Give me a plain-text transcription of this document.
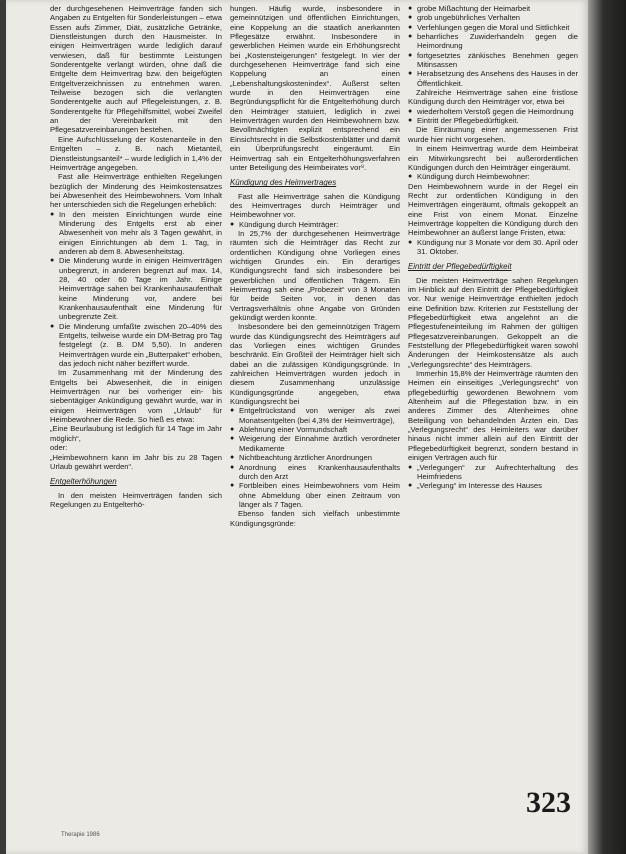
der durchgesehenen Heimverträge fanden sich Angaben zu Entgelten für Sonderleistungen – etwa Essen aufs Zimmer, Diät, zusätzliche Getränke, Dienstleistungen durch den Hausmeister. In einigen Heimverträgen wurde lediglich darauf verwiesen, daß für bestimmte Leistungen Sonderentgelte verlangt würden, ohne daß die Entgelte dem Heimvertrag bzw. den beigefügten Entgeltverzeichnissen zu entnehmen waren. Teilweise bezogen sich die verlangten Sonderentgelte auch auf Pflegeleistungen, z. B. Sonderentgelte für Pflegehilfsmittel, wobei Zweifel an der Vereinbarkeit mit den Pflegesatzvereinbarungen bestehen.

Eine Aufschlüsselung der Kostenanteile in den Entgelten – z. B. nach Mietanteil, Dienstleistungsanteil* – wurde lediglich in 1,4% der Heimverträge angegeben.

Fast alle Heimverträge enthielten Regelungen bezüglich der Minderung des Heimkostensatzes bei Abwesenheit des Heimbewohners. Vom Inhalt her unterschieden sich die Regelungen erheblich:

● In den meisten Einrichtungen wurde eine Minderung des Entgelts erst ab einer Abwesenheit von mehr als 3 Tagen gewährt, in einigen Einrichtungen ab dem 1. Tag, in anderen ab dem 8. Abwesenheitstag.

● Die Minderung wurde in einigen Heimverträgen unbegrenzt, in anderen begrenzt auf max. 14, 28, 40 oder 60 Tage im Jahr. Einige Heimverträge sahen bei Krankenhausaufenthalt keine Minderung vor, andere bei Krankenhausaufenthalt eine Minderung für unbegrenzte Zeit.

● Die Minderung umfaßte zwischen 20–40% des Entgelts, teilweise wurde ein DM-Betrag pro Tag festgelegt (z. B. DM 5,50). In anderen Heimverträgen wurde ein „Butterpaket“ erhoben, das jedoch nicht näher beziffert wurde.

Im Zusammenhang mit der Minderung des Entgelts bei Abwesenheit, die in einigen Heimverträgen nur bei vorheriger ein- bis siebentägiger Ankündigung gewährt wurde, war in einigen Heimverträgen vom „Urlaub“ für Heimbewohner die Rede. So hieß es etwa:

„Eine Beurlaubung ist lediglich für 14 Tage im Jahr möglich“,

oder:

„Heimbewohnern kann im Jahr bis zu 28 Tagen Urlaub gewährt werden“.

Entgelterhöhungen

In den meisten Heimverträgen fanden sich Regelungen zu Entgelterhö-

hungen. Häufig wurde, insbesondere in gemeinnützigen und öffentlichen Einrichtungen, eine Koppelung an die staatlich anerkannten Pflegesätze erwähnt. Insbesondere in gewerblichen Heimen wurde ein Erhöhungsrecht bei „Kostensteigerungen“ festgelegt. In vier der durchgesehenen Heimverträge fand sich eine Koppelung an einen „Lebenshaltungskostenindex“. Äußerst selten wurde in den Heimverträgen eine Begründungspflicht für die Entgelterhöhung durch den Heimträger statuiert, lediglich in zwei Heimverträgen wurden den Heimbewohnern bzw. Bevollmächtigten explizit entsprechend ein Einsichtsrecht in die Selbstkostenblätter und damit ein Überprüfungsrecht eingeräumt. Ein Heimvertrag sah ein Entgelterhöhungsverfahren unter Beteiligung des Heimbeirates vor⁸.

Kündigung des Heimvertrages

Fast alle Heimverträge sahen die Kündigung des Heimvertrages durch Heimträger und Heimbewohner vor.

● Kündigung durch Heimträger:

In 25,7% der durchgesehenen Heimverträge räumten sich die Heimträger das Recht zur ordentlichen Kündigung ohne Vorliegen eines wichtigen Grundes ein. Ein derartiges Kündigungsrecht fand sich insbesondere bei gewerblichen und öffentlichen Trägern. Ein Heimvertrag sah eine „Probezeit“ von 3 Monaten für beide Seiten vor, in denen das Vertragsverhältnis ohne Angabe von Gründen gekündigt werden konnte.

Insbesondere bei den gemeinnützigen Trägern wurde das Kündigungsrecht des Heimträgers auf das Vorliegen eines wichtigen Grundes beschränkt. Ein Großteil der Heimträger hielt sich dabei an die zulässigen Kündigungsgründe. In zahlreichen Heimverträgen wurden jedoch in diesem Zusammenhang unzulässige Kündigungsgründe angegeben, etwa Kündigungsrecht bei

● Entgeltrückstand von weniger als zwei Monatsentgelten (bei 4,3% der Heimverträge),

● Ablehnung einer Vormundschaft

● Weigerung der Einnahme ärztlich verordneter Medikamente

● Nichtbeachtung ärztlicher Anordnungen

● Anordnung eines Krankenhausaufenthalts durch den Arzt

● Fortbleiben eines Heimbewohners vom Heim ohne Abmeldung über einen Zeitraum von länger als 7 Tagen.

Ebenso fanden sich vielfach unbestimmte Kündigungsgründe:

● grobe Mißachtung der Heimarbeit

● grob ungebührliches Verhalten

● Verfehlungen gegen die Moral und Sittlichkeit

● beharrliches Zuwiderhandeln gegen die Heimordnung

● fortgesetztes zänkisches Benehmen gegen Mitinsassen

● Herabsetzung des Ansehens des Hauses in der Öffentlichkeit.

Zahlreiche Heimverträge sahen eine fristlose Kündigung durch den Heimträger vor, etwa bei

● wiederholtem Verstoß gegen die Heimordnung

● Eintritt der Pflegebedürftigkeit.

Die Einräumung einer angemessenen Frist wurde hier nicht vorgesehen.

In einem Heimvertrag wurde dem Heimbeirat ein Mitwirkungsrecht bei außerordentlichen Kündigungen durch den Heimträger eingeräumt.

● Kündigung durch Heimbewohner:

Den Heimbewohnern wurde in der Regel ein Recht zur ordentlichen Kündigung in den Heimverträgen eingeräumt, oftmals gekoppelt an eine Frist von einem Monat. Einzelne Heimverträge koppelten die Kündigung durch den Heimbewohner an äußerst lange Fristen, etwa:

● Kündigung nur 3 Monate vor dem 30. April oder 31. Oktober.

Eintritt der Pflegebedürftigkeit

Die meisten Heimverträge sahen Regelungen im Hinblick auf den Eintritt der Pflegebedürftigkeit vor. Nur wenige Heimverträge enthielten jedoch eine Definition bzw. Kriterien zur Feststellung der Pflegebedürftigkeit etwa angelehnt an die Pflegestufeneinteilung im Rahmen der gültigen Pflegesatzvereinbarungen. Gekoppelt an die Feststellung der Pflegebedürftigkeit waren sowohl Änderungen der Heimkostensätze als auch „Verlegungsrechte“ des Heimträgers.

Immerhin 15,8% der Heimverträge räumten den Heimen ein einseitiges „Verlegungsrecht“ von pflegebedürftig gewordenen Bewohnern vom Altenheim auf die Pflegestation bzw. in ein anderes Zimmer des Altenheimes ohne Beteiligung von behandelnden Ärzten ein. Das „Verlegungsrecht“ des Heimleiters war darüber hinaus nicht immer allein auf den Eintritt der Pflegebedürftigkeit begrenzt, sondern bestand in einigen Verträgen auch für

● „Verlegungen“ zur Aufrechterhaltung des Heimfriedens

● „Verlegung“ im Interesse des Hauses

Therapie 1986
323
